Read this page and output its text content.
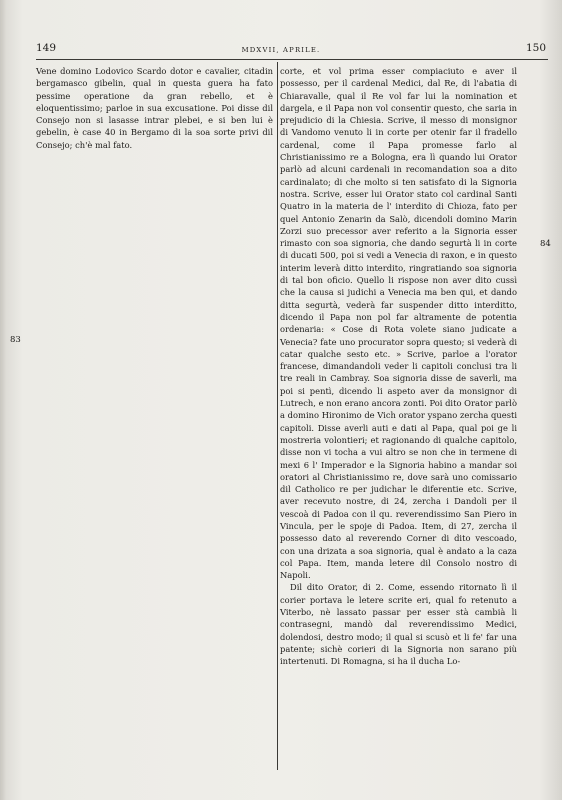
149	MDXVII, APRILE.	150
83
84

Vene domino Lodovico Scardo dotor e cavalier, citadin bergamasco gibelin, qual in questa guera ha fato pessime operatione da gran rebello, et è eloquentissimo; parloe in sua excusatione. Poi disse dil Consejo non si lasasse intrar plebei, e si ben lui è gebelin, è case 40 in Bergamo di la soa sorte privi dil Consejo; ch'è mal fato.

corte, et vol prima esser compiaciuto e aver il possesso, per il cardenal Medici, dal Re, di l'abatia di Chiaravalle, qual il Re vol far lui la nomination et dargela, e il Papa non vol consentir questo, che saria in prejudicio di la Chiesia. Scrive, il messo di monsignor di Vandomo venuto li in corte per otenir far il fradello cardenal, come il Papa promesse farlo al Christianissimo re a Bologna, era lì quando lui Orator parlò ad alcuni cardenali in recomandation soa a dito cardinalato; di che molto si ten satisfato di la Signoria nostra. Scrive, esser lui Orator stato col cardinal Santi Quatro in la materia de l' interdito di Chioza, fato per quel Antonio Zenarin da Salò, dicendoli domino Marin Zorzi suo precessor aver referito a la Signoria esser rimasto con soa signoria, che dando segurtà li in corte di ducati 500, poi si vedi a Venecia di raxon, e in questo interim leverà ditto interdito, ringratiando soa signoria di tal bon oficio. Quello li rispose non aver dito cussì che la causa si judichi a Venecia ma ben qui, et dando ditta segurtà, vederà far suspender ditto interditto, dicendo il Papa non pol far altramente de potentia ordenaria: « Cose di Rota volete siano judicate a Venecia? fate uno procurator sopra questo; si vederà di catar qualche sesto etc. » Scrive, parloe a l'orator francese, dimandandoli veder li capitoli conclusi tra li tre reali in Cambray. Soa signoria disse de saverli, ma poi si pentì, dicendo li aspeto aver da monsignor di Lutrech, e non erano ancora zonti. Poi dito Orator parlò a domino Hironimo de Vich orator yspano zercha questi capitoli. Disse averli auti e dati al Papa, qual poi ge li mostreria volontieri; et ragionando di qualche capitolo, disse non vi tocha a vui altro se non che in termene di mexi 6 l' Imperador e la Signoria habino a mandar soi oratori al Christianissimo re, dove sarà uno comissario dil Catholico re per judichar le diferentie etc. Scrive, aver recevuto nostre, di 24, zercha i Dandoli per il vescoà di Padoa con il qu. reverendissimo San Piero in Vincula, per le spoje di Padoa. Item, di 27, zercha il possesso dato al reverendo Corner di dito vescoado, con una drizata a soa signoria, qual è andato a la caza col Papa. Item, manda letere dil Consolo nostro di Napoli.

Dil dito Orator, di 2. Come, essendo ritornato lì il corier portava le letere scrite eri, qual fo retenuto a Viterbo, nè lassato passar per esser stà cambià li contrasegni, mandò dal reverendissimo Medici, dolendosi, destro modo; il qual si scusò et li fe' far una patente; sichè corieri di la Signoria non sarano più intertenuti. Di Romagna, si ha il ducha Lo-
